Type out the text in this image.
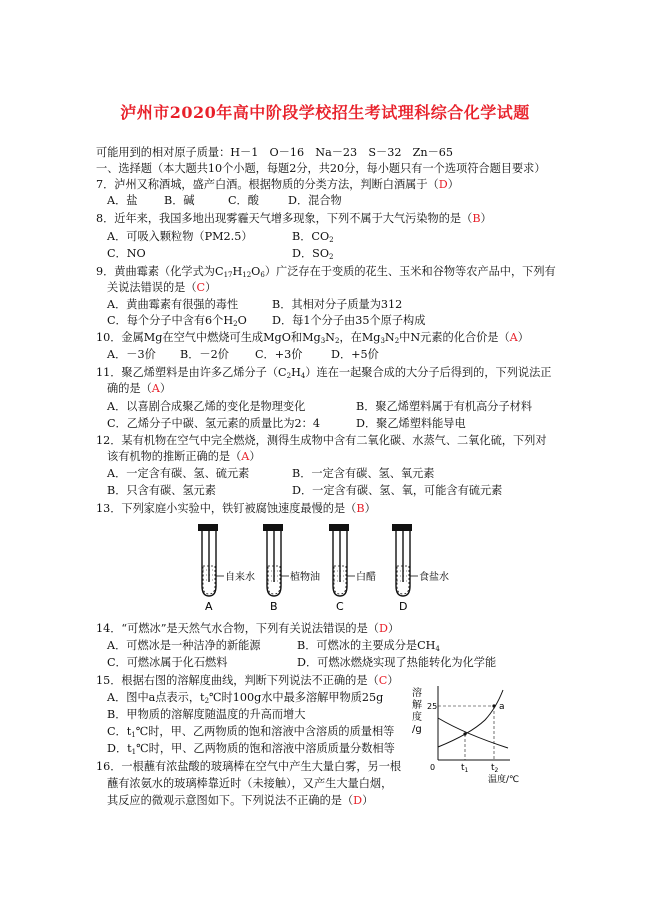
泸州市2020年高中阶段学校招生考试理科综合化学试题
可能用到的相对原子质量：H－1　O－16　Na－23　S－32　Zn－65
一、选择题（本大题共10个小题，每题2分，共20分，每小题只有一个选项符合题目要求）
7．泸州又称酒城，盛产白酒。根据物质的分类方法，判断白酒属于（D）
A．盐 B．碱	C．酸	D．混合物
8．近年来，我国多地出现雾霾天气增多现象，下列不属于大气污染物的是（B）
A．可吸入颗粒物（PM2.5）	B．$CO_2$
C．NO	D．$SO_2$
9．黄曲霉素（化学式为$C_{17}H_{12}O_6$）广泛存在于变质的花生、玉米和谷物等农产品中，下列有
关说法错误的是（C）
A．黄曲霉素有很强的毒性	B．其相对分子质量为312
C．每个分子中含有6个$H_2O$ D．每1个分子由35个原子构成
10．金属Mg在空气中燃烧可生成MgO和$Mg_3N_2$，在$Mg_3N_2$中N元素的化合价是（A）
A．－3价 B．－2价 C．+3价	D．+5价
11．聚乙烯塑料是由许多乙烯分子$(C_2H_4)$连在一起聚合成的大分子后得到的，下列说法正
确的是（A）
A．以喜剧合成聚乙烯的变化是物理变化	B．聚乙烯塑料属于有机高分子材料
C．乙烯分子中碳、氢元素的质量比为2：4	D．聚乙烯塑料能导电
12．某有机物在空气中完全燃烧，测得生成物中含有二氧化碳、水蒸气、二氧化硫，下列对
该有机物的推断正确的是（A）
A．一定含有碳、氢、硫元素	B．一定含有碳、氢、氧元素
B．只含有碳、氢元素	D．一定含有碳、氢、氧，可能含有硫元素
13．下列家庭小实验中，铁钉被腐蚀速度最慢的是（B）
自来水
A
植物油
B
白醋
C
食盐水
D
14．“可燃冰”是天然气水合物，下列有关说法错误的是（D）
A．可燃冰是一种洁净的新能源	B．可燃冰的主要成分是$CH_4$
C．可燃冰属于化石燃料	D．可燃冰燃烧实现了热能转化为化学能
15．根据右图的溶解度曲线，判断下列说法不正确的是（C）
A．图中a点表示，$t_2℃$时100g水中最多溶解甲物质25g
B．甲物质的溶解度随温度的升高而增大
C．$t_1℃$时，甲、乙两物质的饱和溶液中含溶质的质量相等
D．$t_1℃$时，甲、乙两物质的饱和溶液中溶质质量分数相等
溶
解
度
/g
25	a
0	$t_1$	$t_2$
温度/℃
16．一根蘸有浓盐酸的玻璃棒在空气中产生大量白雾，另一根
蘸有浓氨水的玻璃棒靠近时（未接触），又产生大量白烟，
其反应的微观示意图如下。下列说法不正确的是（D）
